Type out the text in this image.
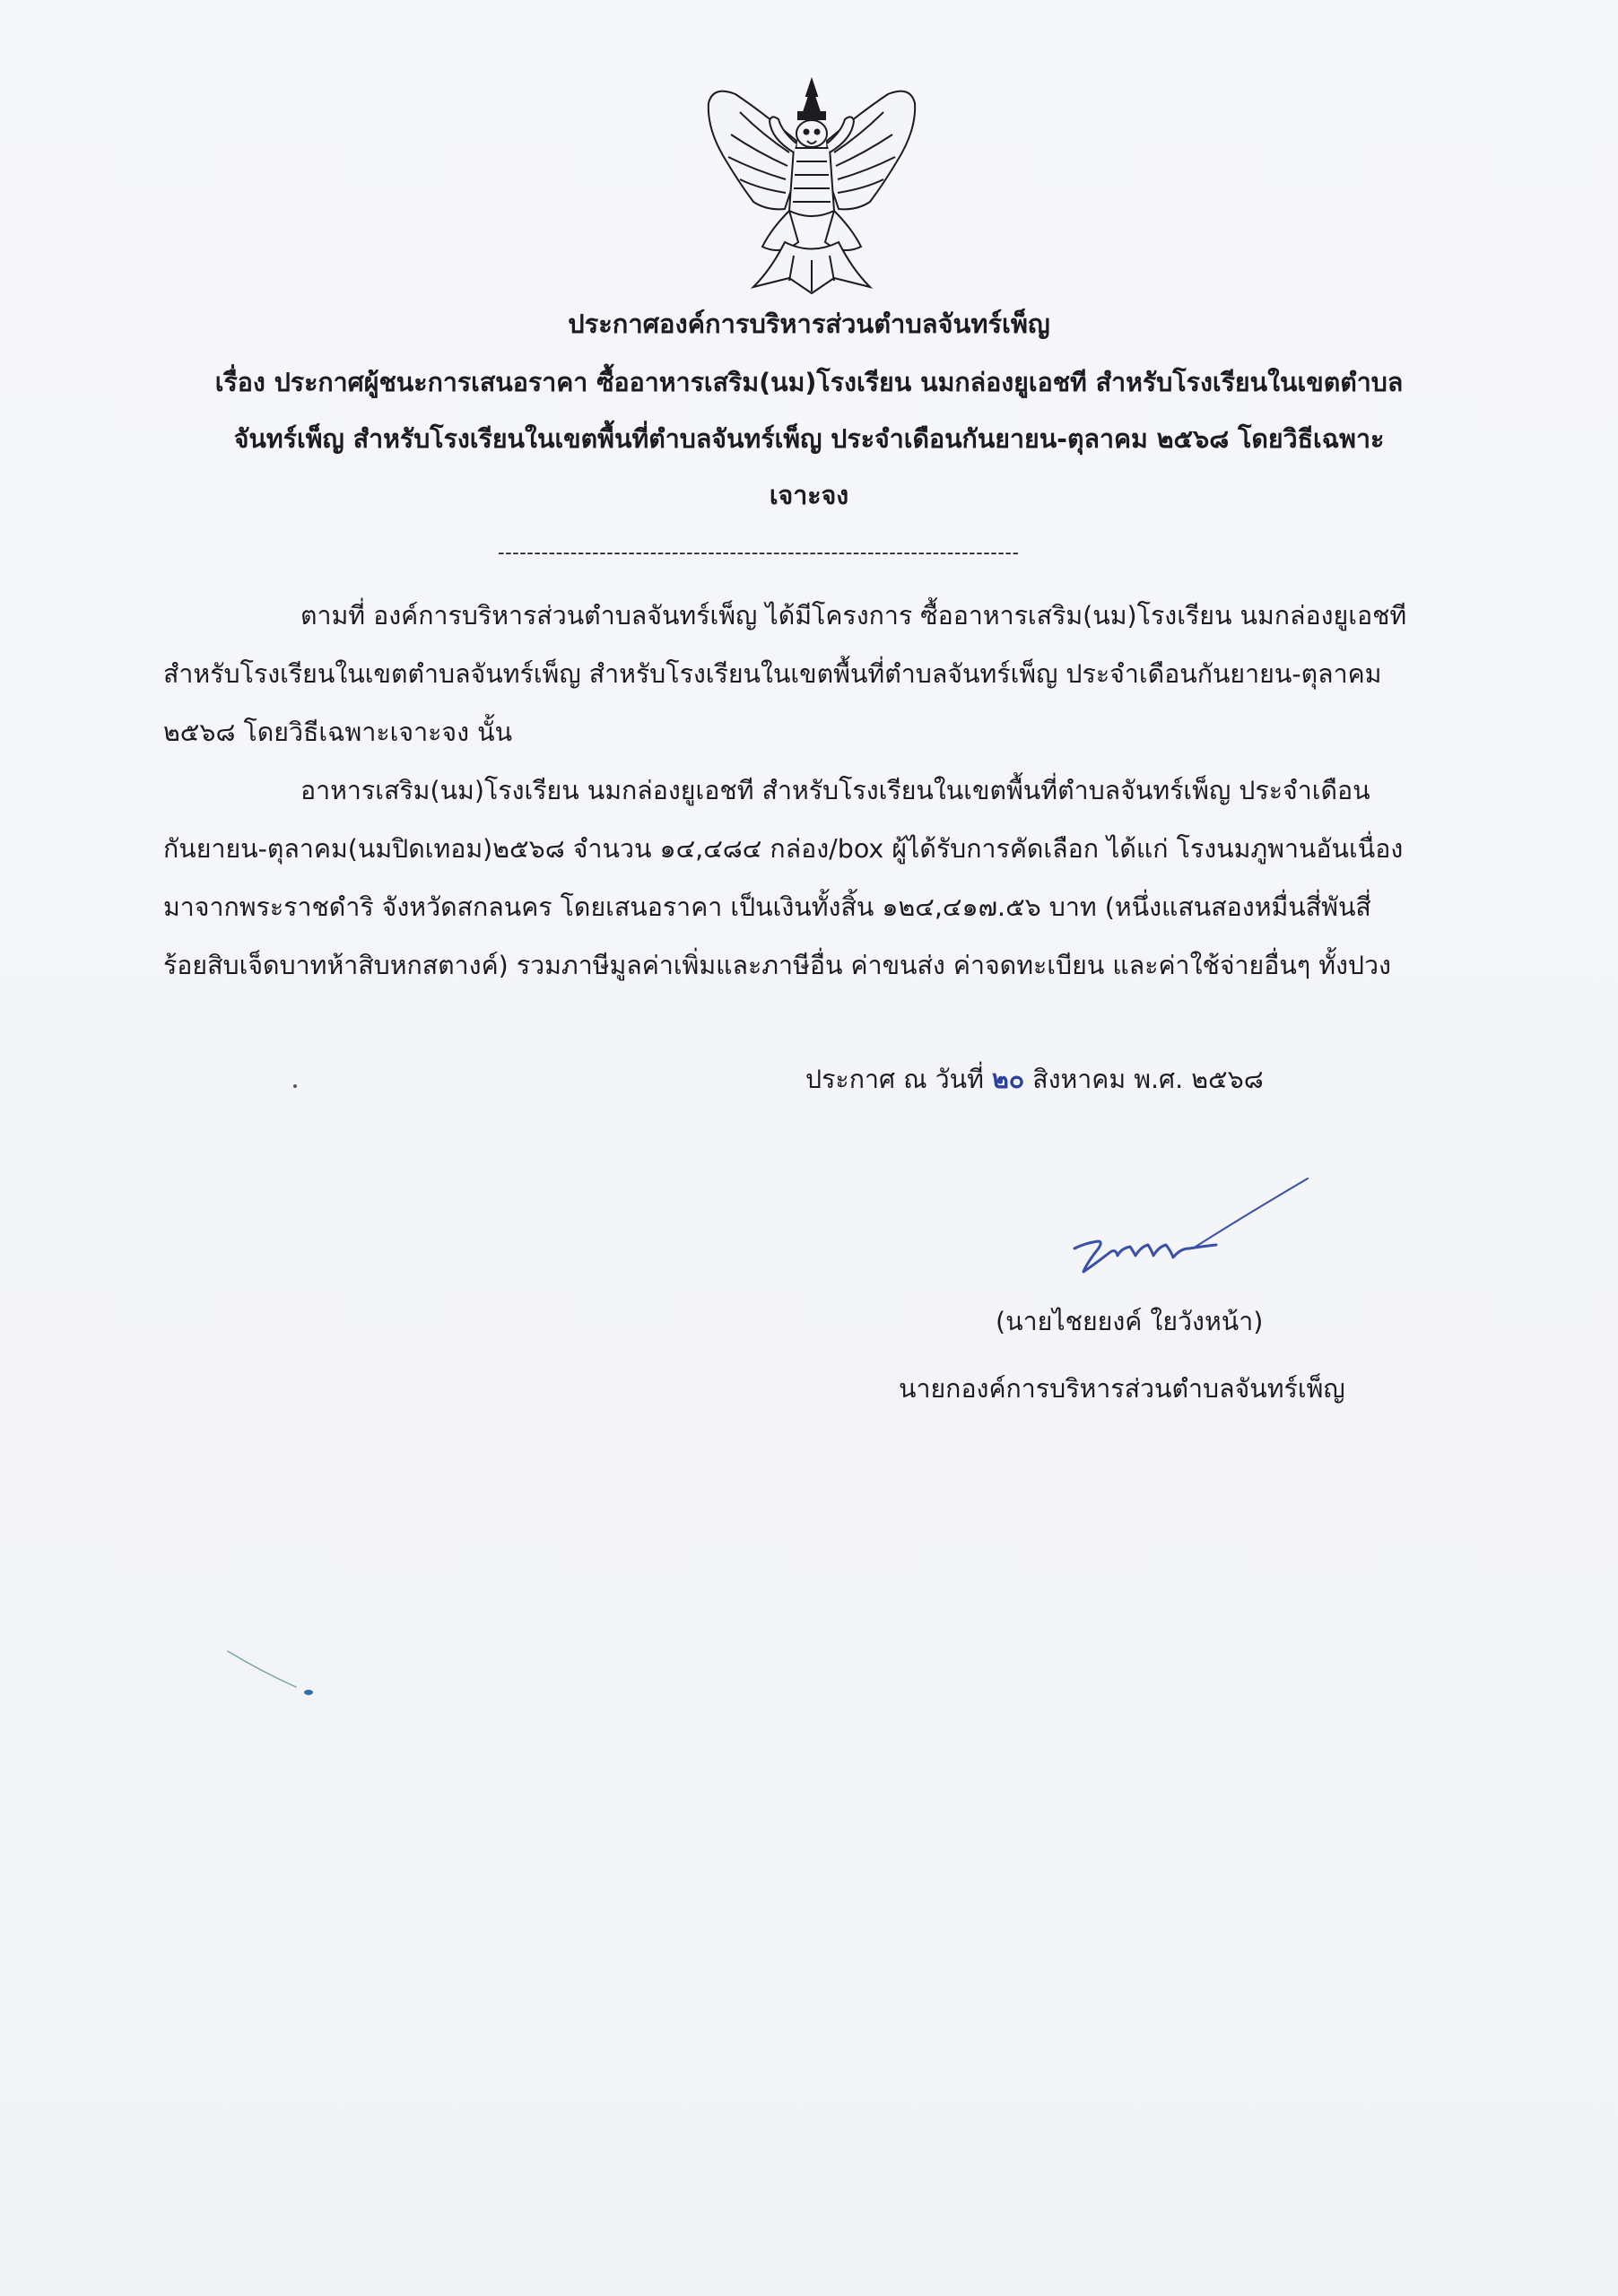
ประกาศองค์การบริหารส่วนตำบลจันทร์เพ็ญ
เรื่อง ประกาศผู้ชนะการเสนอราคา ซื้ออาหารเสริม(นม)โรงเรียน นมกล่องยูเอชที สำหรับโรงเรียนในเขตตำบล
จันทร์เพ็ญ สำหรับโรงเรียนในเขตพื้นที่ตำบลจันทร์เพ็ญ ประจำเดือนกันยายน-ตุลาคม ๒๕๖๘ โดยวิธีเฉพาะ
เจาะจง
------------------------------------------------------------------------
ตามที่ องค์การบริหารส่วนตำบลจันทร์เพ็ญ ได้มีโครงการ ซื้ออาหารเสริม(นม)โรงเรียน นมกล่องยูเอชที
สำหรับโรงเรียนในเขตตำบลจันทร์เพ็ญ สำหรับโรงเรียนในเขตพื้นที่ตำบลจันทร์เพ็ญ ประจำเดือนกันยายน-ตุลาคม
๒๕๖๘ โดยวิธีเฉพาะเจาะจง นั้น
อาหารเสริม(นม)โรงเรียน นมกล่องยูเอชที สำหรับโรงเรียนในเขตพื้นที่ตำบลจันทร์เพ็ญ ประจำเดือน
กันยายน-ตุลาคม(นมปิดเทอม)๒๕๖๘ จำนวน ๑๔,๔๘๔ กล่อง/box ผู้ได้รับการคัดเลือก ได้แก่ โรงนมภูพานอันเนื่อง
มาจากพระราชดำริ จังหวัดสกลนคร โดยเสนอราคา เป็นเงินทั้งสิ้น ๑๒๔,๔๑๗.๕๖ บาท (หนึ่งแสนสองหมื่นสี่พันสี่
ร้อยสิบเจ็ดบาทห้าสิบหกสตางค์) รวมภาษีมูลค่าเพิ่มและภาษีอื่น ค่าขนส่ง ค่าจดทะเบียน และค่าใช้จ่ายอื่นๆ ทั้งปวง
ประกาศ ณ วันที่ ๒๐ สิงหาคม พ.ศ. ๒๕๖๘
(นายไชยยงค์ ใยวังหน้า)
นายกองค์การบริหารส่วนตำบลจันทร์เพ็ญ
